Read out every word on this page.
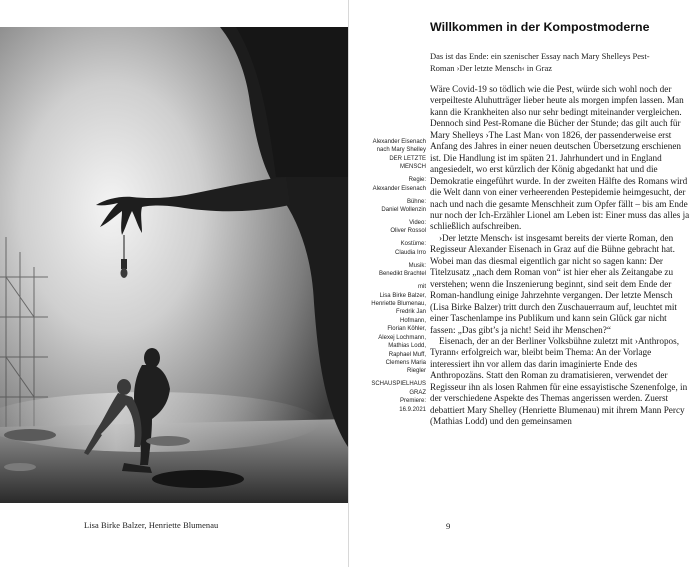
Lisa Birke Balzer, Henriette Blumenau
Alexander Eisenach
nach Mary Shelley
DER LETZTE
MENSCH
Regie:
Alexander Eisenach
Bühne:
Daniel Wollenzin
Video:
Oliver Rossol
Kostüme:
Claudia Irro
Musik:
Benedikt Brachtel
mit
Lisa Birke Balzer,
Henriette Blumenau,
Fredrik Jan
Hofmann,
Florian Köhler,
Alexej Lochmann,
Mathias Lodd,
Raphael Muff,
Clemens Maria
Riegler
SCHAUSPIELHAUS
GRAZ
Premiere:
16.9.2021
Willkommen in der Kompostmoderne

Das ist das Ende: ein szenischer Essay nach Mary Shelleys Pest-Roman ›Der letzte Mensch‹ in Graz

Wäre Covid-19 so tödlich wie die Pest, würde sich wohl noch der verpeilteste Aluhutträger lieber heute als morgen impfen lassen. Man kann die Krankheiten also nur sehr bedingt miteinander vergleichen. Dennoch sind Pest-Romane die Bücher der Stunde; das gilt auch für Mary Shelleys ›The Last Man‹ von 1826, der passenderweise erst Anfang des Jahres in einer neuen deutschen Übersetzung erschienen ist. Die Handlung ist im späten 21. Jahrhundert und in England angesiedelt, wo erst kürzlich der König abgedankt hat und die Demokratie eingeführt wurde. In der zweiten Hälfte des Romans wird die Welt dann von einer verheerenden Pestepidemie heimgesucht, der nach und nach die gesamte Menschheit zum Opfer fällt – bis am Ende nur noch der Ich-Erzähler Lionel am Leben ist: Einer muss das alles ja schließlich aufschreiben.

›Der letzte Mensch‹ ist insgesamt bereits der vierte Roman, den Regisseur Alexander Eisenach in Graz auf die Bühne gebracht hat. Wobei man das diesmal eigentlich gar nicht so sagen kann: Der Titelzusatz „nach dem Roman von“ ist hier eher als Zeitangabe zu verstehen; wenn die Inszenierung beginnt, sind seit dem Ende der Roman-handlung einige Jahrzehnte vergangen. Der letzte Mensch (Lisa Birke Balzer) tritt durch den Zuschauerraum auf, leuchtet mit einer Taschenlampe ins Publikum und kann sein Glück gar nicht fassen: „Das gibt’s ja nicht! Seid ihr Menschen?“

Eisenach, der an der Berliner Volksbühne zuletzt mit ›Anthropos, Tyrann‹ erfolgreich war, bleibt beim Thema: An der Vorlage interessiert ihn vor allem das darin imaginierte Ende des Anthropozäns. Statt den Roman zu dramatisieren, verwendet der Regisseur ihn als losen Rahmen für eine essayistische Szenenfolge, in der verschiedene Aspekte des Themas angerissen werden. Zuerst debattiert Mary Shelley (Henriette Blumenau) mit ihrem Mann Percy (Mathias Lodd) und den gemeinsamen

9
